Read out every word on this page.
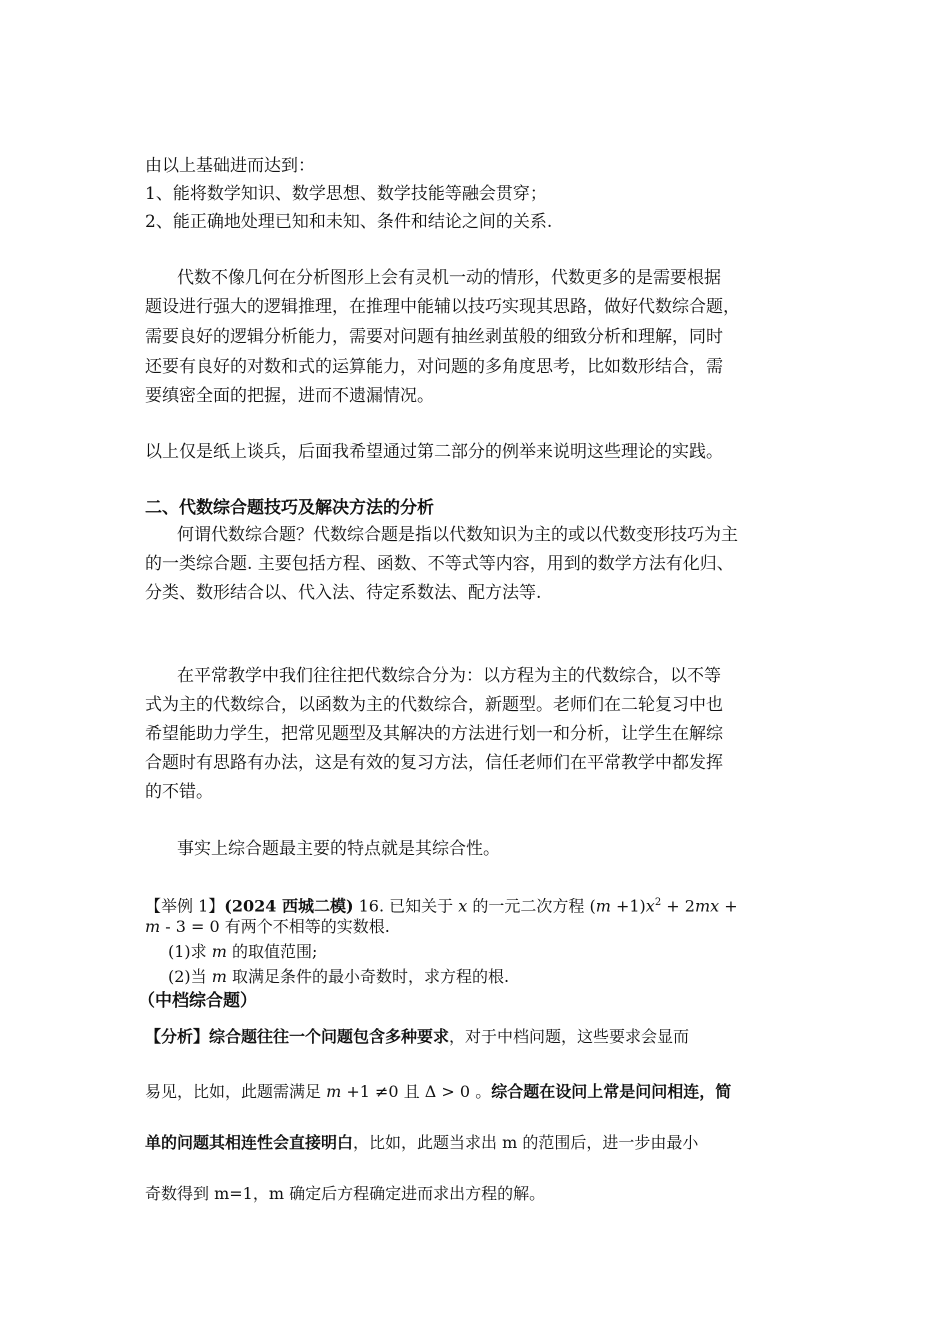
由以上基础进而达到：
1、能将数学知识、数学思想、数学技能等融会贯穿；
2、能正确地处理已知和未知、条件和结论之间的关系.
代数不像几何在分析图形上会有灵机一动的情形，代数更多的是需要根据
题设进行强大的逻辑推理，在推理中能辅以技巧实现其思路，做好代数综合题，
需要良好的逻辑分析能力，需要对问题有抽丝剥茧般的细致分析和理解，同时
还要有良好的对数和式的运算能力，对问题的多角度思考，比如数形结合，需
要缜密全面的把握，进而不遗漏情况。
以上仅是纸上谈兵，后面我希望通过第二部分的例举来说明这些理论的实践。
二、代数综合题技巧及解决方法的分析
何谓代数综合题？代数综合题是指以代数知识为主的或以代数变形技巧为主
的一类综合题. 主要包括方程、函数、不等式等内容，用到的数学方法有化归、
分类、数形结合以、代入法、待定系数法、配方法等.
在平常教学中我们往往把代数综合分为：以方程为主的代数综合，以不等
式为主的代数综合，以函数为主的代数综合，新题型。老师们在二轮复习中也
希望能助力学生，把常见题型及其解决的方法进行划一和分析，让学生在解综
合题时有思路有办法，这是有效的复习方法，信任老师们在平常教学中都发挥
的不错。
事实上综合题最主要的特点就是其综合性。
【举例 1】(2024 西城二模) 16. 已知关于 x 的一元二次方程 $(m +1)x^2 + 2mx$ +
m - 3 = 0 有两个不相等的实数根.
(1)求 m 的取值范围;
(2)当 m 取满足条件的最小奇数时，求方程的根.
（中档综合题）
【分析】综合题往往一个问题包含多种要求，对于中档问题，这些要求会显而
易见，比如，此题需满足 m +1 ≠0 且 Δ > 0 。综合题在设问上常是问问相连，简
单的问题其相连性会直接明白，比如，此题当求出 m 的范围后，进一步由最小
奇数得到 m=1，m 确定后方程确定进而求出方程的解。
